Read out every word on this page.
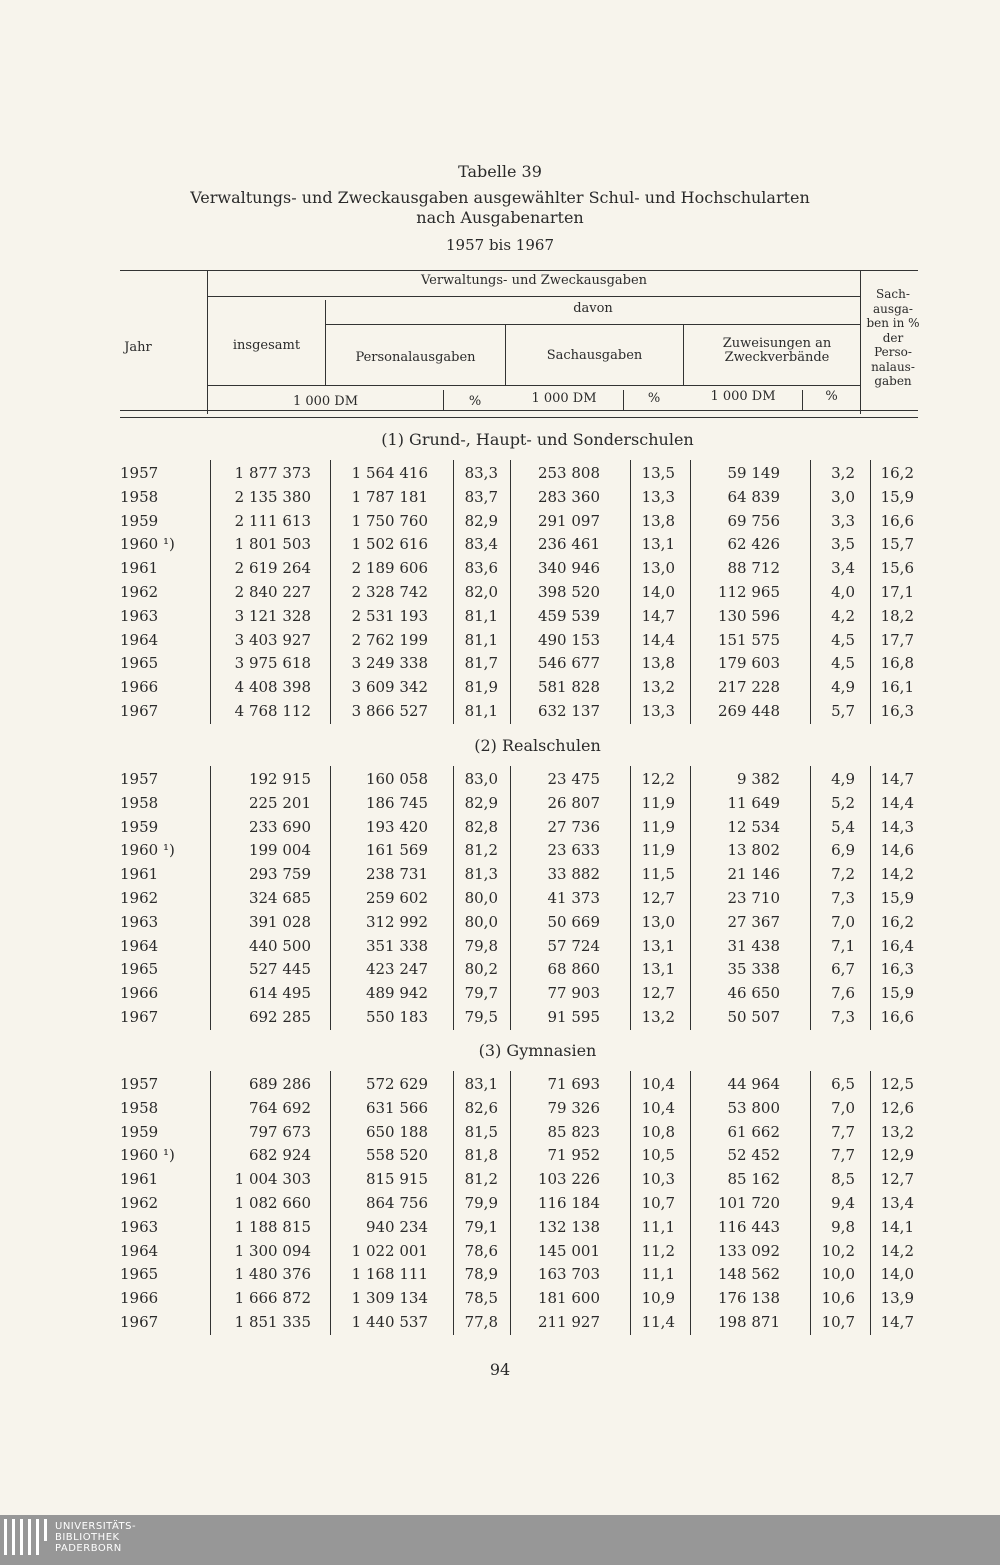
Tabelle 39
Verwaltungs- und Zweckausgaben ausgewählter Schul- und Hochschularten
nach Ausgabenarten
1957 bis 1967
Jahr
Verwaltungs- und Zweckausgaben
insgesamt
davon
Personalausgaben	Sachausgaben
Zuweisungen an Zweckverbände
Sach- ausga- ben in % der Perso- nalaus- gaben
1 000 DM	%	1 000 DM	%	1 000 DM	%
(1) Grund-, Haupt- und Sonderschulen
1957	1 877 373	1 564 416	83,3	253 808	13,5	59 149	3,2	16,2
1958	2 135 380	1 787 181	83,7	283 360	13,3	64 839	3,0	15,9
1959	2 111 613	1 750 760	82,9	291 097	13,8	69 756	3,3	16,6
1960 ¹)	1 801 503	1 502 616	83,4	236 461	13,1	62 426	3,5	15,7
1961	2 619 264	2 189 606	83,6	340 946	13,0	88 712	3,4	15,6
1962	2 840 227	2 328 742	82,0	398 520	14,0	112 965	4,0	17,1
1963	3 121 328	2 531 193	81,1	459 539	14,7	130 596	4,2	18,2
1964	3 403 927	2 762 199	81,1	490 153	14,4	151 575	4,5	17,7
1965	3 975 618	3 249 338	81,7	546 677	13,8	179 603	4,5	16,8
1966	4 408 398	3 609 342	81,9	581 828	13,2	217 228	4,9	16,1
1967	4 768 112	3 866 527	81,1	632 137	13,3	269 448	5,7	16,3
(2) Realschulen
1957	192 915	160 058	83,0	23 475	12,2	9 382	4,9	14,7
1958	225 201	186 745	82,9	26 807	11,9	11 649	5,2	14,4
1959	233 690	193 420	82,8	27 736	11,9	12 534	5,4	14,3
1960 ¹)	199 004	161 569	81,2	23 633	11,9	13 802	6,9	14,6
1961	293 759	238 731	81,3	33 882	11,5	21 146	7,2	14,2
1962	324 685	259 602	80,0	41 373	12,7	23 710	7,3	15,9
1963	391 028	312 992	80,0	50 669	13,0	27 367	7,0	16,2
1964	440 500	351 338	79,8	57 724	13,1	31 438	7,1	16,4
1965	527 445	423 247	80,2	68 860	13,1	35 338	6,7	16,3
1966	614 495	489 942	79,7	77 903	12,7	46 650	7,6	15,9
1967	692 285	550 183	79,5	91 595	13,2	50 507	7,3	16,6
(3) Gymnasien
1957	689 286	572 629	83,1	71 693	10,4	44 964	6,5	12,5
1958	764 692	631 566	82,6	79 326	10,4	53 800	7,0	12,6
1959	797 673	650 188	81,5	85 823	10,8	61 662	7,7	13,2
1960 ¹)	682 924	558 520	81,8	71 952	10,5	52 452	7,7	12,9
1961	1 004 303	815 915	81,2	103 226	10,3	85 162	8,5	12,7
1962	1 082 660	864 756	79,9	116 184	10,7	101 720	9,4	13,4
1963	1 188 815	940 234	79,1	132 138	11,1	116 443	9,8	14,1
1964	1 300 094	1 022 001	78,6	145 001	11,2	133 092	10,2	14,2
1965	1 480 376	1 168 111	78,9	163 703	11,1	148 562	10,0	14,0
1966	1 666 872	1 309 134	78,5	181 600	10,9	176 138	10,6	13,9
1967	1 851 335	1 440 537	77,8	211 927	11,4	198 871	10,7	14,7
94
UNIVERSITÄTS-
BIBLIOTHEK
PADERBORN
